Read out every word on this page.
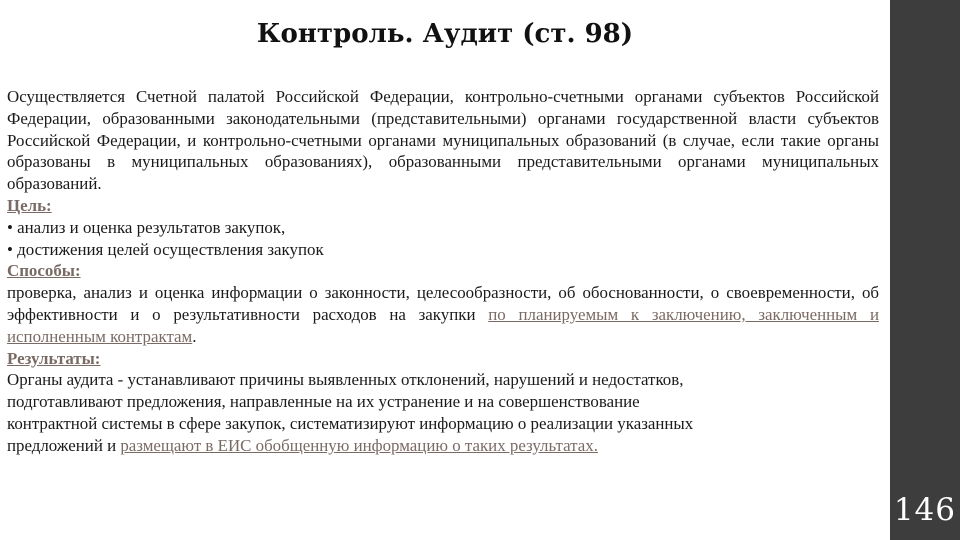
146
Контроль. Аудит (ст. 98)

Осуществляется Счетной палатой Российской Федерации, контрольно-счетными органами субъектов Российской Федерации, образованными законодательными (представительными) органами государственной власти субъектов Российской Федерации, и контрольно-счетными органами муниципальных образований (в случае, если такие органы образованы в муниципальных образованиях), образованными представительными органами муниципальных образований.

Цель:

• анализ и оценка результатов закупок,

• достижения целей осуществления закупок

Способы:

проверка, анализ и оценка информации о законности, целесообразности, об обоснованности, о своевременности, об эффективности и о результативности расходов на закупки по планируемым к заключению, заключенным и исполненным контрактам.

Результаты:

Органы аудита - устанавливают причины выявленных отклонений, нарушений и недостатков,

подготавливают предложения, направленные на их устранение и на совершенствование

контрактной системы в сфере закупок, систематизируют информацию о реализации указанных

предложений и размещают в ЕИС обобщенную информацию о таких результатах.
